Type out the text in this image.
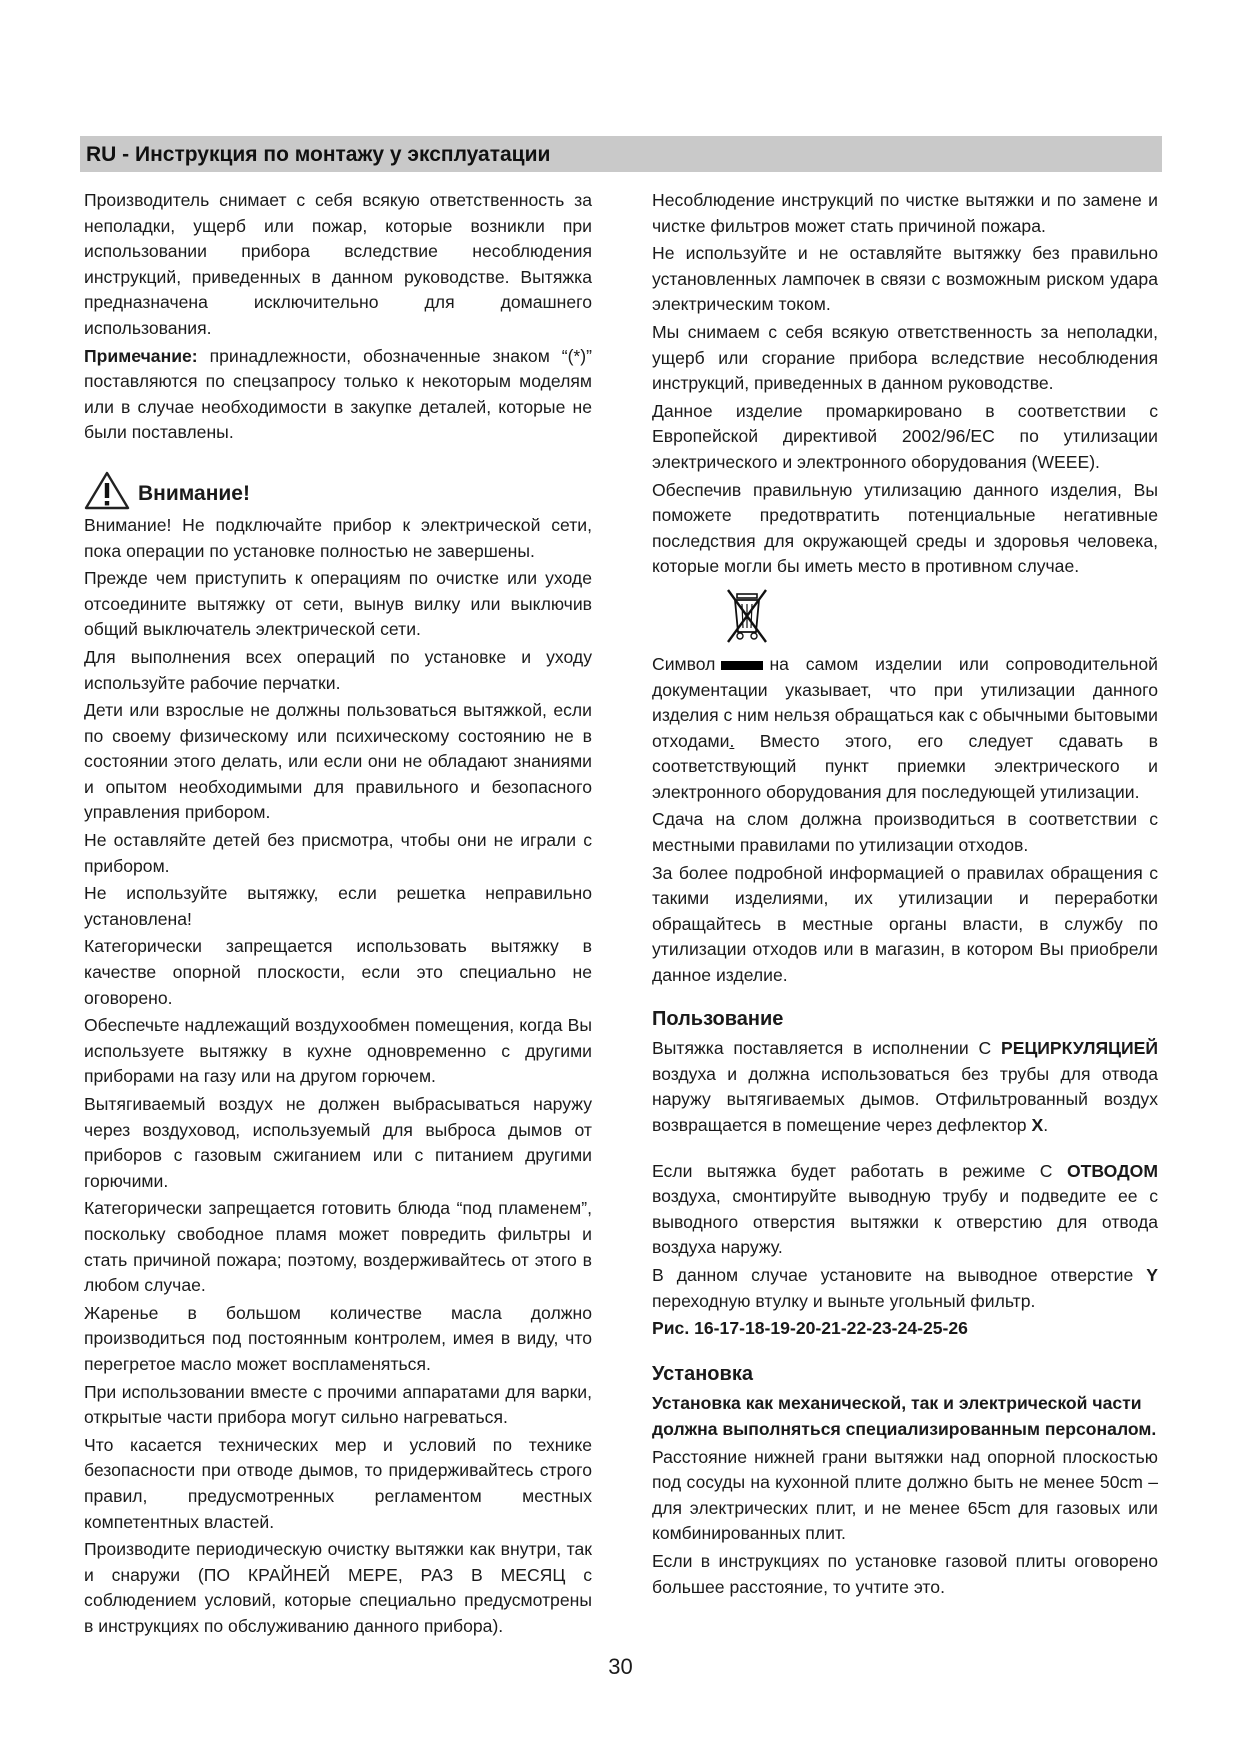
RU - Инструкция по монтажу у эксплуатации

Производитель снимает с себя всякую ответственность за неполадки, ущерб или пожар, которые возникли при использовании прибора вследствие несоблюдения инструкций, приведенных в данном руководстве. Вытяжка предназначена исключительно для домашнего использования.

Примечание: принадлежности, обозначенные знаком “(*)” поставляются по спецзапросу только к некоторым моделям или в случае необходимости в закупке деталей, которые не были поставлены.

Внимание!

Внимание! Не подключайте прибор к электрической сети, пока операции по установке полностью не завершены.

Прежде чем приступить к операциям по очистке или уходе отсоедините вытяжку от сети, вынув вилку или выключив общий выключатель электрической сети.

Для выполнения всех операций по установке и уходу используйте рабочие перчатки.

Дети или взрослые не должны пользоваться вытяжкой, если по своему физическому или психическому состоянию не в состоянии этого делать, или если они не обладают знаниями и опытом необходимыми для правильного и безопасного управления прибором.

Не оставляйте детей без присмотра, чтобы они не играли с прибором.

Не используйте вытяжку, если решетка неправильно установлена!

Категорически запрещается использовать вытяжку в качестве опорной плоскости, если это специально не оговорено.

Обеспечьте надлежащий воздухообмен помещения, когда Вы используете вытяжку в кухне одновременно с другими приборами на газу или на другом горючем.

Вытягиваемый воздух не должен выбрасываться наружу через воздуховод, используемый для выброса дымов от приборов с газовым сжиганием или с питанием другими горючими.

Категорически запрещается готовить блюда “под пламенем”, поскольку свободное пламя может повредить фильтры и стать причиной пожара; поэтому, воздерживайтесь от этого в любом случае.

Жаренье в большом количестве масла должно производиться под постоянным контролем, имея в виду, что перегретое масло может воспламеняться.

При использовании вместе с прочими аппаратами для варки, открытые части прибора могут сильно нагреваться.

Что касается технических мер и условий по технике безопасности при отводе дымов, то придерживайтесь строго правил, предусмотренных регламентом местных компетентных властей.

Производите периодическую очистку вытяжки как внутри, так и снаружи (ПО КРАЙНЕЙ МЕРЕ, РАЗ В МЕСЯЦ с соблюдением условий, которые специально предусмотрены в инструкциях по обслуживанию данного прибора).

Несоблюдение инструкций по чистке вытяжки и по замене и чистке фильтров может стать причиной пожара.

Не используйте и не оставляйте вытяжку без правильно установленных лампочек в связи с возможным риском удара электрическим током.

Мы снимаем с себя всякую ответственность за неполадки, ущерб или сгорание прибора вследствие несоблюдения инструкций, приведенных в данном руководстве.

Данное изделие промаркировано в соответствии с Европейской директивой 2002/96/EC по утилизации электрического и электронного оборудования (WEEE).

Обеспечив правильную утилизацию данного изделия, Вы поможете предотвратить потенциальные негативные последствия для окружающей среды и здоровья человека, которые могли бы иметь место в противном случае.

Символ	на самом изделии или сопроводительной документации указывает, что при утилизации данного изделия с ним нельзя обращаться как с обычными бытовыми отходами. Вместо этого, его следует сдавать в соответствующий пункт приемки электрического и электронного оборудования для последующей утилизации.

Сдача на слом должна производиться в соответствии с местными правилами по утилизации отходов.

За более подробной информацией о правилах обращения с такими изделиями, их утилизации и переработки обращайтесь в местные органы власти, в службу по утилизации отходов или в магазин, в котором Вы приобрели данное изделие.

Пользование

Вытяжка поставляется в исполнении С РЕЦИРКУЛЯЦИЕЙ воздуха и должна использоваться без трубы для отвода наружу вытягиваемых дымов. Отфильтрованный воздух возвращается в помещение через дефлектор X.

Если вытяжка будет работать в режиме С ОТВОДОМ воздуха, смонтируйте выводную трубу и подведите ее с выводного отверстия вытяжки к отверстию для отвода воздуха наружу.

В данном случае установите на выводное отверстие Y переходную втулку и выньте угольный фильтр.

Рис. 16-17-18-19-20-21-22-23-24-25-26

Установка

Установка как механической, так и электрической части должна выполняться специализированным персоналом.

Расстояние нижней грани вытяжки над опорной плоскостью под сосуды на кухонной плите должно быть не менее 50cm – для электрических плит, и не менее 65cm для газовых или комбинированных плит.

Если в инструкциях по установке газовой плиты оговорено большее расстояние, то учтите это.

30
